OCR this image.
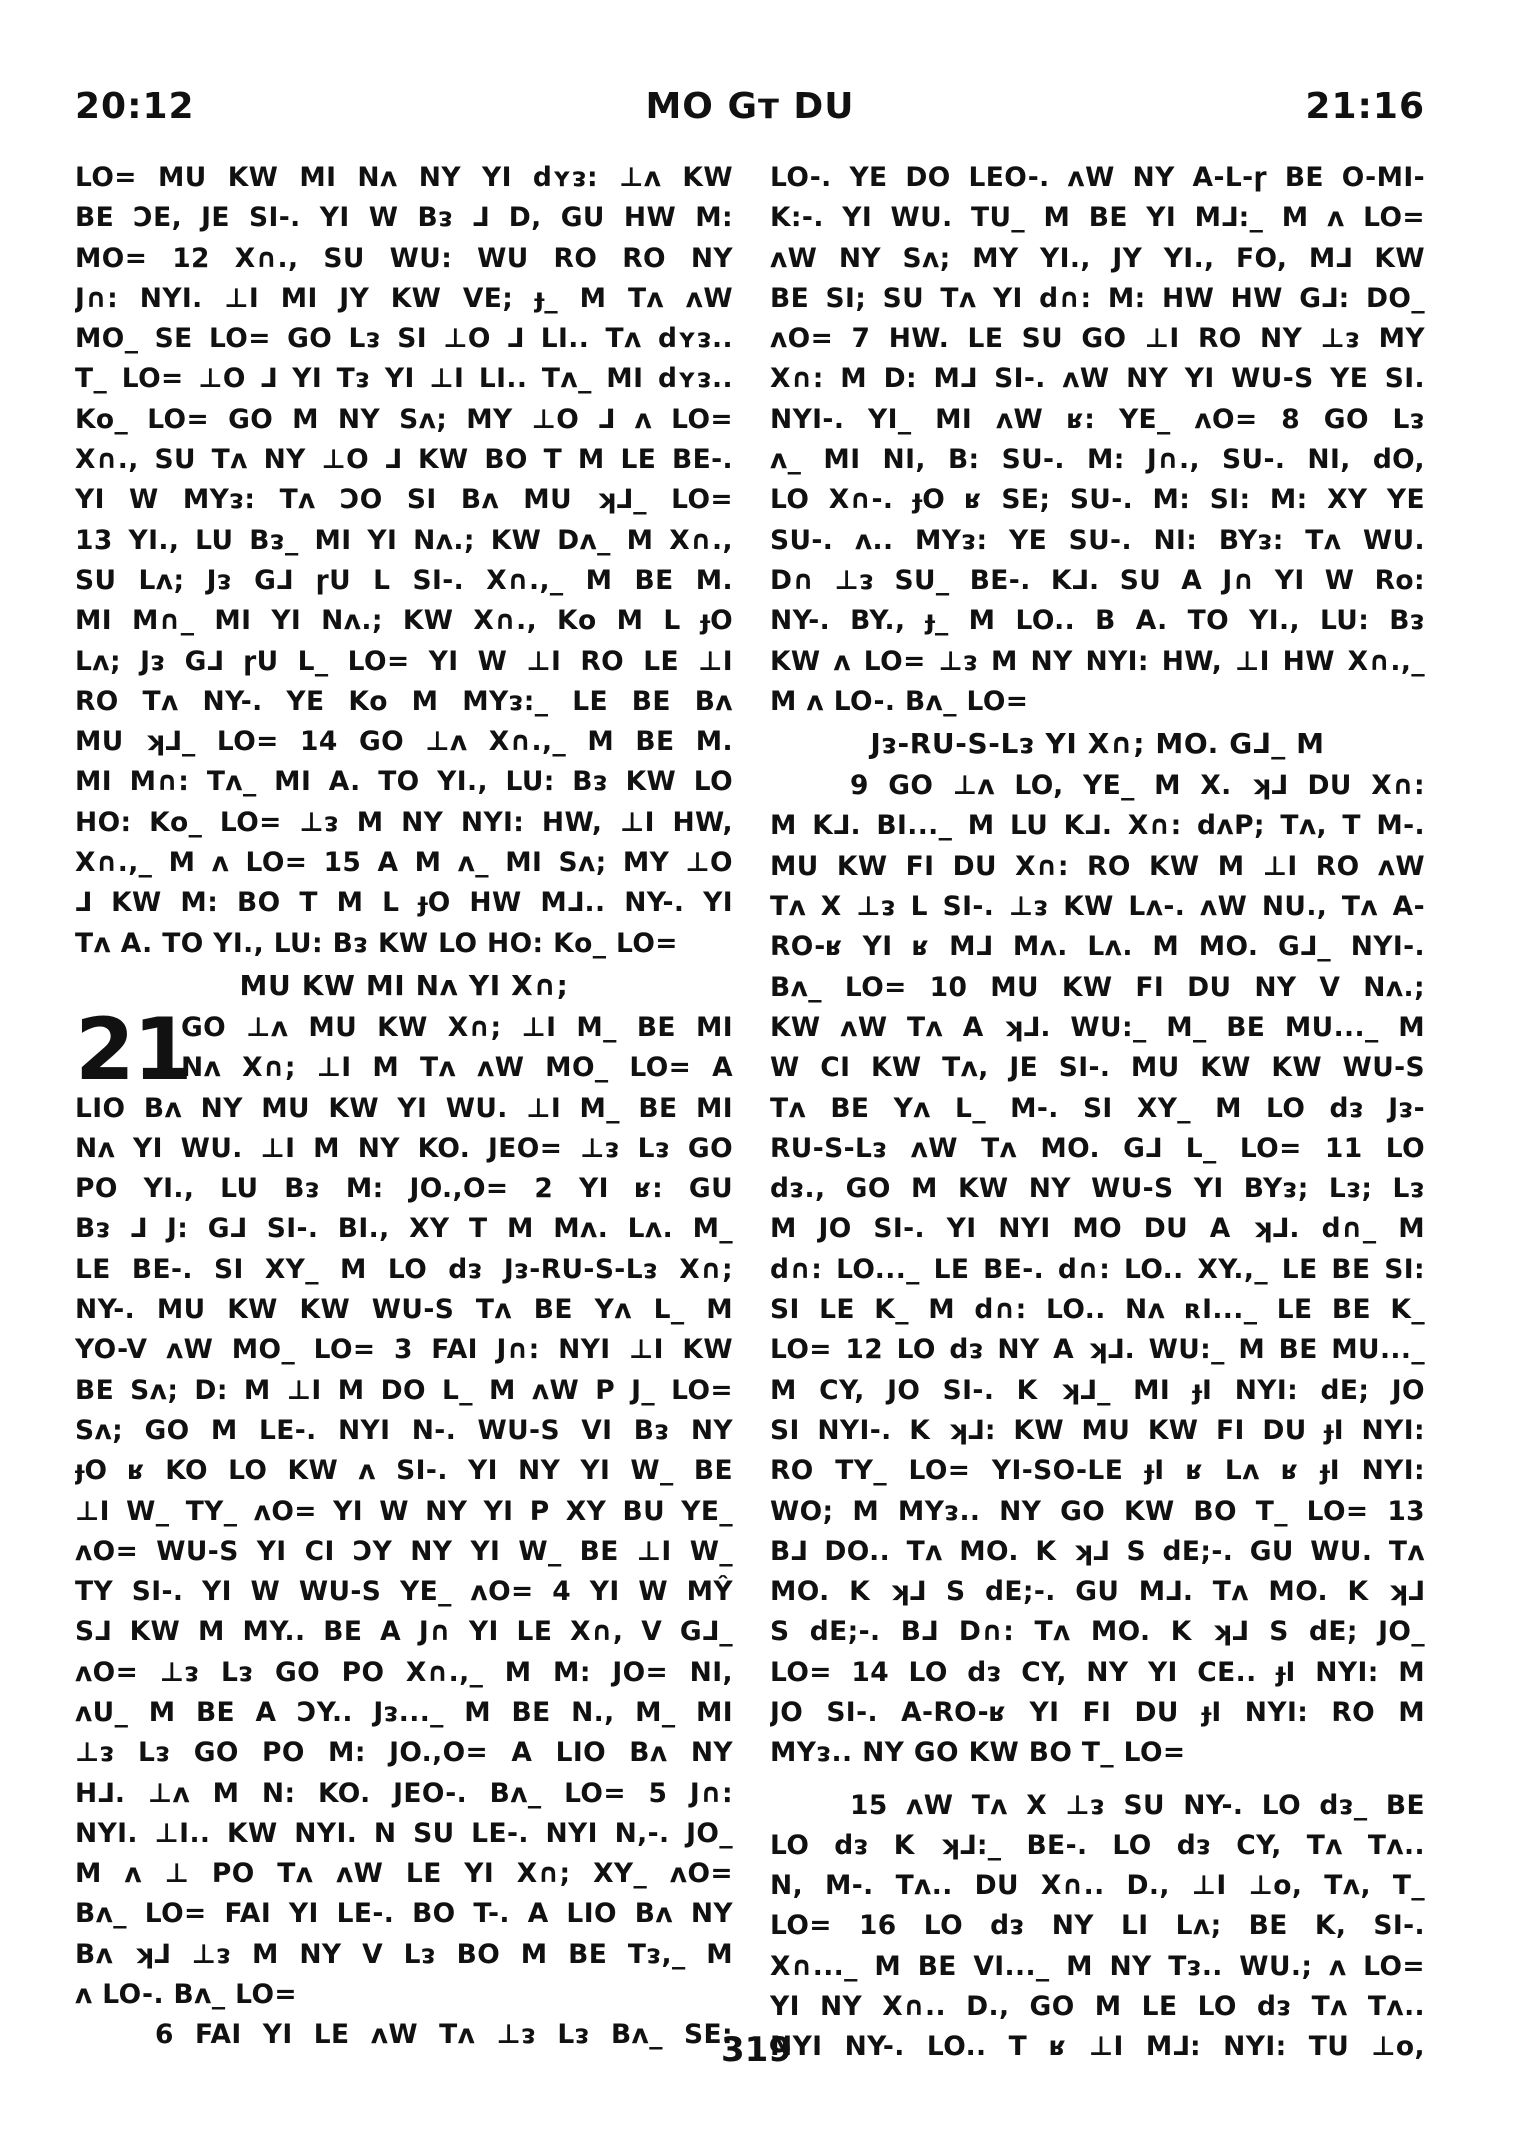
20:12	MO Gᴛ DU	21:16
LO= MU KW MI Nʌ NY YI dʏᴈ: ⊥ʌ KW
BE ƆE, JE SI-. YI W Bᴈ ⅃ D, GU HW M:
MO= 12 X∩., SU WU: WU RO RO NY
J∩: NYI. ⊥I MI JY KW VE; ɟ_ M Tʌ ʌW
MO_ SE LO= GO Lᴈ SI ⊥O ⅃ LI.. Tʌ dʏᴈ..
T_ LO= ⊥O ⅃ YI Tᴈ YI ⊥I LI.. Tʌ_ MI dʏᴈ..
Kᴏ_ LO= GO M NY Sʌ; MY ⊥O ⅃ ʌ LO=
X∩., SU Tʌ NY ⊥O ⅃ KW BO T M LE BE-.
YI W MYᴈ: Tʌ ƆO SI Bʌ MU ʞ⅃_ LO=
13 YI., LU Bᴈ_ MI YI Nʌ.; KW Dʌ_ M X∩.,
SU Lʌ; Jᴈ G⅃ ɼU L SI-. X∩.,_ M BE M.
MI M∩_ MI YI Nʌ.; KW X∩., Kᴏ M L ɟO
Lʌ; Jᴈ G⅃ ɼU L_ LO= YI W ⊥I RO LE ⊥I
RO Tʌ NY-. YE Kᴏ M MYᴈ:_ LE BE Bʌ
MU ʞ⅃_ LO= 14 GO ⊥ʌ X∩.,_ M BE M.
MI M∩: Tʌ_ MI A. TO YI., LU: Bᴈ KW LO
HO: Kᴏ_ LO= ⊥ᴈ M NY NYI: HW, ⊥I HW,
X∩.,_ M ʌ LO= 15 A M ʌ_ MI Sʌ; MY ⊥O
⅃ KW M: BO T M L ɟO HW M⅃.. NY-. YI
Tʌ A. TO YI., LU: Bᴈ KW LO HO: Kᴏ_ LO=
MU KW MI Nʌ YI X∩;
21
GO ⊥ʌ MU KW X∩; ⊥I M_ BE MI
Nʌ X∩; ⊥I M Tʌ ʌW MO_ LO= A
LIO Bʌ NY MU KW YI WU. ⊥I M_ BE MI
Nʌ YI WU. ⊥I M NY KO. JEO= ⊥ᴈ Lᴈ GO
PO YI., LU Bᴈ M: JO.,O= 2 YI ʁ: GU
Bᴈ ⅃ J: G⅃ SI-. BI., XY T M Mʌ. Lʌ. M_
LE BE-. SI XY_ M LO dᴈ Jᴈ-RU-S-Lᴈ X∩;
NY-. MU KW KW WU-S Tʌ BE Yʌ L_ M
YO-V ʌW MO_ LO= 3 FAI J∩: NYI ⊥I KW
BE Sʌ; D: M ⊥I M DO L_ M ʌW P J_ LO=
Sʌ; GO M LE-. NYI N-. WU-S VI Bᴈ NY
ɟO ʁ KO LO KW ʌ SI-. YI NY YI W_ BE
⊥I W_ TY_ ʌO= YI W NY YI P XY BU YE_
ʌO= WU-S YI CI ƆY NY YI W_ BE ⊥I W_
TY SI-. YI W WU-S YE_ ʌO= 4 YI W MŶ
S⅃ KW M MY.. BE A J∩ YI LE X∩, V G⅃_
ʌO= ⊥ᴈ Lᴈ GO PO X∩.,_ M M: JO= NI,
ʌU_ M BE A ƆY.. Jᴈ..._ M BE N., M_ MI
⊥ᴈ Lᴈ GO PO M: JO.,O= A LIO Bʌ NY
H⅃. ⊥ʌ M N: KO. JEO-. Bʌ_ LO= 5 J∩:
NYI. ⊥I.. KW NYI. N SU LE-. NYI N,-. JO_
M ʌ ⊥ PO Tʌ ʌW LE YI X∩; XY_ ʌO=
Bʌ_ LO= FAI YI LE-. BO T-. A LIO Bʌ NY
Bʌ ʞ⅃ ⊥ᴈ M NY V Lᴈ BO M BE Tᴈ,_ M
ʌ LO-. Bʌ_ LO=
6 FAI YI LE ʌW Tʌ ⊥ᴈ Lᴈ Bʌ_ SE:
LO-. YE DO LEO-. ʌW NY A-L-ɼ BE O-MI-
K:-. YI WU. TU_ M BE YI M⅃:_ M ʌ LO=
ʌW NY Sʌ; MY YI., JY YI., FO, M⅃ KW
BE SI; SU Tʌ YI d∩: M: HW HW G⅃: DO_
ʌO= 7 HW. LE SU GO ⊥I RO NY ⊥ᴈ MY
X∩: M D: M⅃ SI-. ʌW NY YI WU-S YE SI.
NYI-. YI_ MI ʌW ʁ: YE_ ʌO= 8 GO Lᴈ
ʌ_ MI NI, B: SU-. M: J∩., SU-. NI, dO,
LO X∩-. ɟO ʁ SE; SU-. M: SI: M: XY YE
SU-. ʌ.. MYᴈ: YE SU-. NI: BYᴈ: Tʌ WU.
D∩ ⊥ᴈ SU_ BE-. K⅃. SU A J∩ YI W Rᴏ:
NY-. BY., ɟ_ M LO.. B A. TO YI., LU: Bᴈ
KW ʌ LO= ⊥ᴈ M NY NYI: HW, ⊥I HW X∩.,_
M ʌ LO-. Bʌ_ LO=
Jᴈ-RU-S-Lᴈ YI X∩; MO. G⅃_ M
9 GO ⊥ʌ LO, YE_ M X. ʞ⅃ DU X∩:
M K⅃. BI..._ M LU K⅃. X∩: dʌP; Tʌ, T M-.
MU KW FI DU X∩: RO KW M ⊥I RO ʌW
Tʌ X ⊥ᴈ L SI-. ⊥ᴈ KW Lʌ-. ʌW NU., Tʌ A-
RO-ʁ YI ʁ M⅃ Mʌ. Lʌ. M MO. G⅃_ NYI-.
Bʌ_ LO= 10 MU KW FI DU NY V Nʌ.;
KW ʌW Tʌ A ʞ⅃. WU:_ M_ BE MU..._ M
W CI KW Tʌ, JE SI-. MU KW KW WU-S
Tʌ BE Yʌ L_ M-. SI XY_ M LO dᴈ Jᴈ-
RU-S-Lᴈ ʌW Tʌ MO. G⅃ L_ LO= 11 LO
dᴈ., GO M KW NY WU-S YI BYᴈ; Lᴈ; Lᴈ
M JO SI-. YI NYI MO DU A ʞ⅃. d∩_ M
d∩: LO..._ LE BE-. d∩: LO.. XY.,_ LE BE SI:
SI LE K_ M d∩: LO.. Nʌ ʀI..._ LE BE K_
LO= 12 LO dᴈ NY A ʞ⅃. WU:_ M BE MU..._
M CY, JO SI-. K ʞ⅃_ MI ɟI NYI: dE; JO
SI NYI-. K ʞ⅃: KW MU KW FI DU ɟI NYI:
RO TY_ LO= YI-SO-LE ɟI ʁ Lʌ ʁ ɟI NYI:
WO; M MYᴈ.. NY GO KW BO T_ LO= 13
B⅃ DO.. Tʌ MO. K ʞ⅃ S dE;-. GU WU. Tʌ
MO. K ʞ⅃ S dE;-. GU M⅃. Tʌ MO. K ʞ⅃
S dE;-. B⅃ D∩: Tʌ MO. K ʞ⅃ S dE; JO_
LO= 14 LO dᴈ CY, NY YI CE.. ɟI NYI: M
JO SI-. A-RO-ʁ YI FI DU ɟI NYI: RO M
MYᴈ.. NY GO KW BO T_ LO=
15 ʌW Tʌ X ⊥ᴈ SU NY-. LO dᴈ_ BE
LO dᴈ K ʞ⅃:_ BE-. LO dᴈ CY, Tʌ Tʌ..
N, M-. Tʌ.. DU X∩.. D., ⊥I ⊥ᴏ, Tʌ, T_
LO= 16 LO dᴈ NY LI Lʌ; BE K, SI-.
X∩..._ M BE VI..._ M NY Tᴈ.. WU.; ʌ LO=
YI NY X∩.. D., GO M LE LO dᴈ Tʌ Tʌ..
NYI NY-. LO.. T ʁ ⊥I M⅃: NYI: TU ⊥ᴏ,
319
